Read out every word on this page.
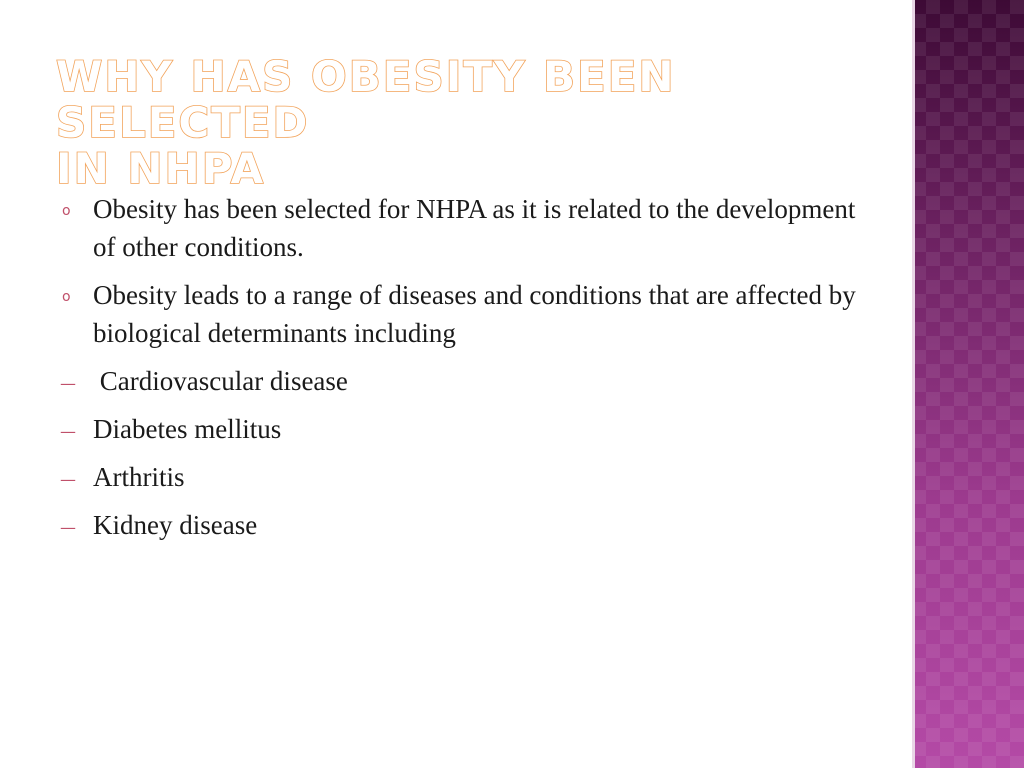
WHY HAS OBESITY BEEN SELECTED
IN NHPA
o Obesity has been selected for NHPA as it is related to the development of other conditions.
o Obesity leads to a range of diseases and conditions that are affected by biological determinants including
— Cardiovascular disease
— Diabetes mellitus
— Arthritis
— Kidney disease
